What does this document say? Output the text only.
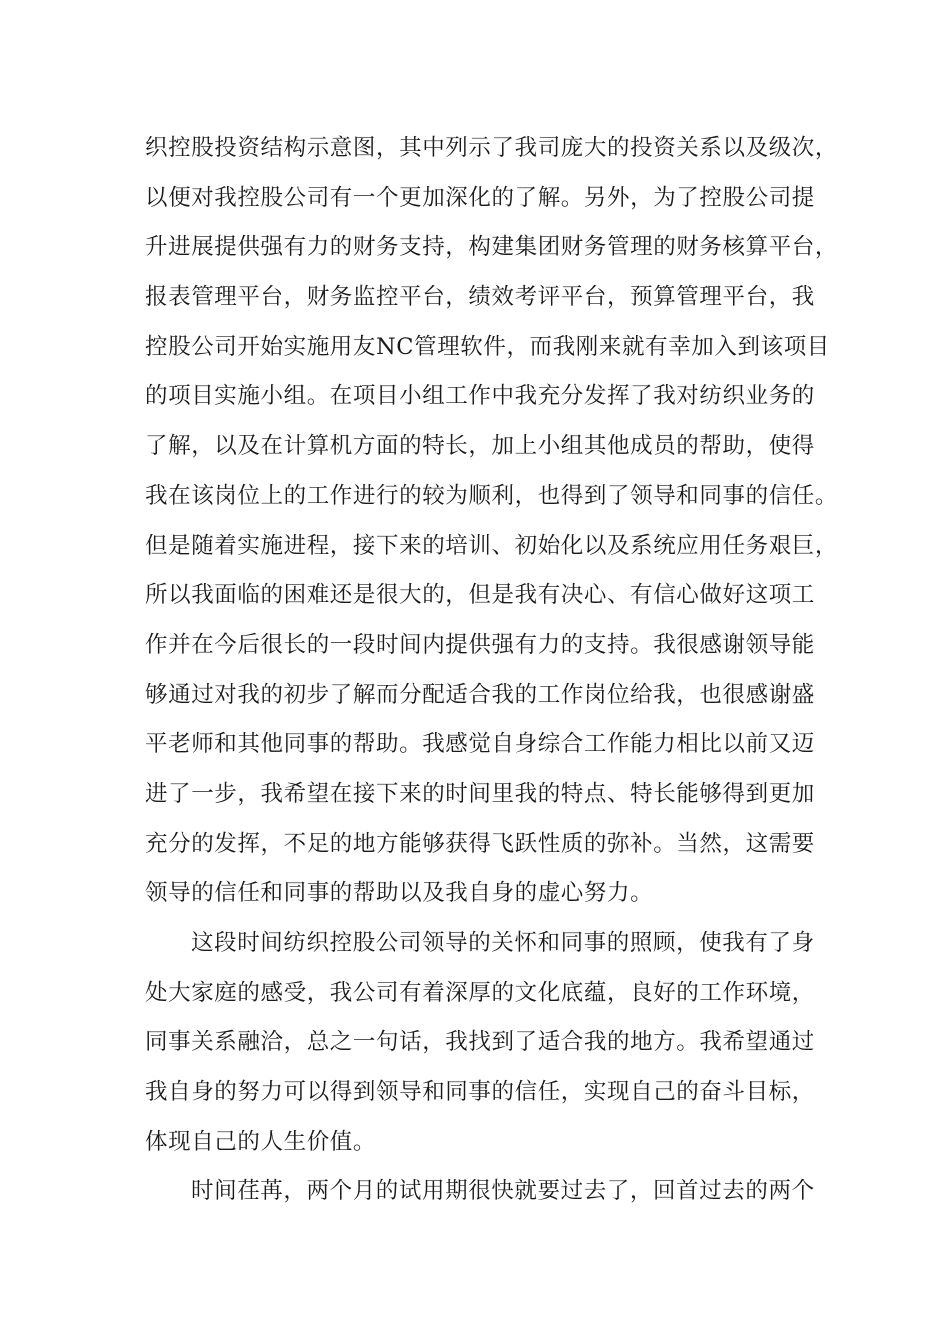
织控股投资结构示意图，其中列示了我司庞大的投资关系以及级次，
以便对我控股公司有一个更加深化的了解。另外，为了控股公司提
升进展提供强有力的财务支持，构建集团财务管理的财务核算平台，
报表管理平台，财务监控平台，绩效考评平台，预算管理平台，我
控股公司开始实施用友NC管理软件，而我刚来就有幸加入到该项目
的项目实施小组。在项目小组工作中我充分发挥了我对纺织业务的
了解，以及在计算机方面的特长，加上小组其他成员的帮助，使得
我在该岗位上的工作进行的较为顺利，也得到了领导和同事的信任。
但是随着实施进程，接下来的培训、初始化以及系统应用任务艰巨，
所以我面临的困难还是很大的，但是我有决心、有信心做好这项工
作并在今后很长的一段时间内提供强有力的支持。我很感谢领导能
够通过对我的初步了解而分配适合我的工作岗位给我，也很感谢盛
平老师和其他同事的帮助。我感觉自身综合工作能力相比以前又迈
进了一步，我希望在接下来的时间里我的特点、特长能够得到更加
充分的发挥，不足的地方能够获得飞跃性质的弥补。当然，这需要
领导的信任和同事的帮助以及我自身的虚心努力。
这段时间纺织控股公司领导的关怀和同事的照顾，使我有了身
处大家庭的感受，我公司有着深厚的文化底蕴，良好的工作环境，
同事关系融洽，总之一句话，我找到了适合我的地方。我希望通过
我自身的努力可以得到领导和同事的信任，实现自己的奋斗目标，
体现自己的人生价值。
时间荏苒，两个月的试用期很快就要过去了，回首过去的两个
